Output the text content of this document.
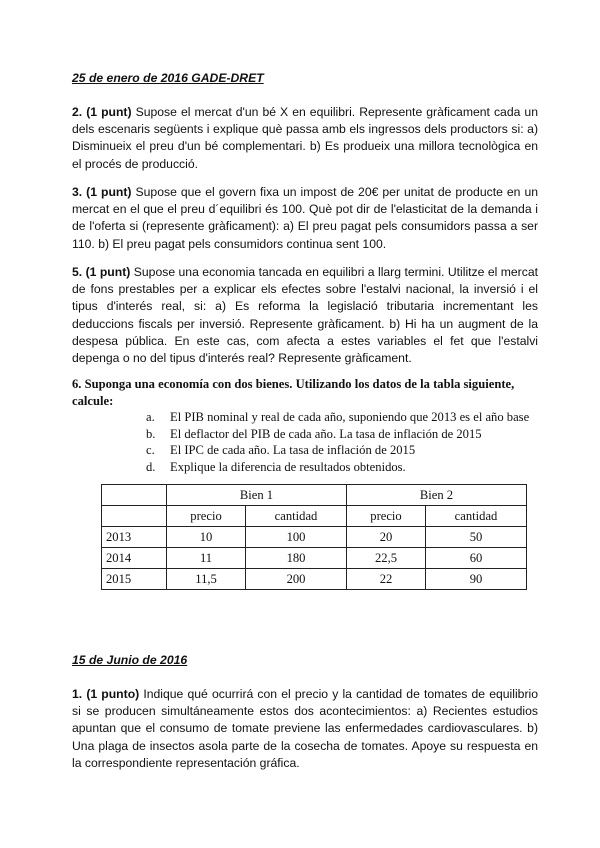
25 de enero de 2016 GADE-DRET
2. (1 punt) Supose el mercat d'un bé X en equilibri. Represente gràficament cada un dels escenaris següents i explique què passa amb els ingressos dels productors si: a) Disminueix el preu d'un bé complementari. b) Es produeix una millora tecnològica en el procés de producció.
3. (1 punt) Supose que el govern fixa un impost de 20€ per unitat de producte en un mercat en el que el preu d´equilibri és 100. Què pot dir de l'elasticitat de la demanda i de l'oferta si (represente gràficament): a) El preu pagat pels consumidors passa a ser 110. b) El preu pagat pels consumidors continua sent 100.
5. (1 punt) Supose una economia tancada en equilibri a llarg termini. Utilitze el mercat de fons prestables per a explicar els efectes sobre l'estalvi nacional, la inversió i el tipus d'interés real, si: a) Es reforma la legislació tributaria incrementant les deduccions fiscals per inversió. Represente gràficament. b) Hi ha un augment de la despesa pública. En este cas, com afecta a estes variables el fet que l'estalvi depenga o no del tipus d'interés real? Represente gràficament.
6. Suponga una economía con dos bienes. Utilizando los datos de la tabla siguiente, calcule:
a. El PIB nominal y real de cada año, suponiendo que 2013 es el año base
b. El deflactor del PIB de cada año. La tasa de inflación de 2015
c. El IPC de cada año. La tasa de inflación de 2015
d. Explique la diferencia de resultados obtenidos.
	Bien 1		Bien 2	
	precio	cantidad	precio	cantidad
2013	10	100	20	50
2014	11	180	22,5	60
2015	11,5	200	22	90
15 de Junio de 2016
1. (1 punto) Indique qué ocurrirá con el precio y la cantidad de tomates de equilibrio si se producen simultáneamente estos dos acontecimientos: a) Recientes estudios apuntan que el consumo de tomate previene las enfermedades cardiovasculares. b) Una plaga de insectos asola parte de la cosecha de tomates. Apoye su respuesta en la correspondiente representación gráfica.
